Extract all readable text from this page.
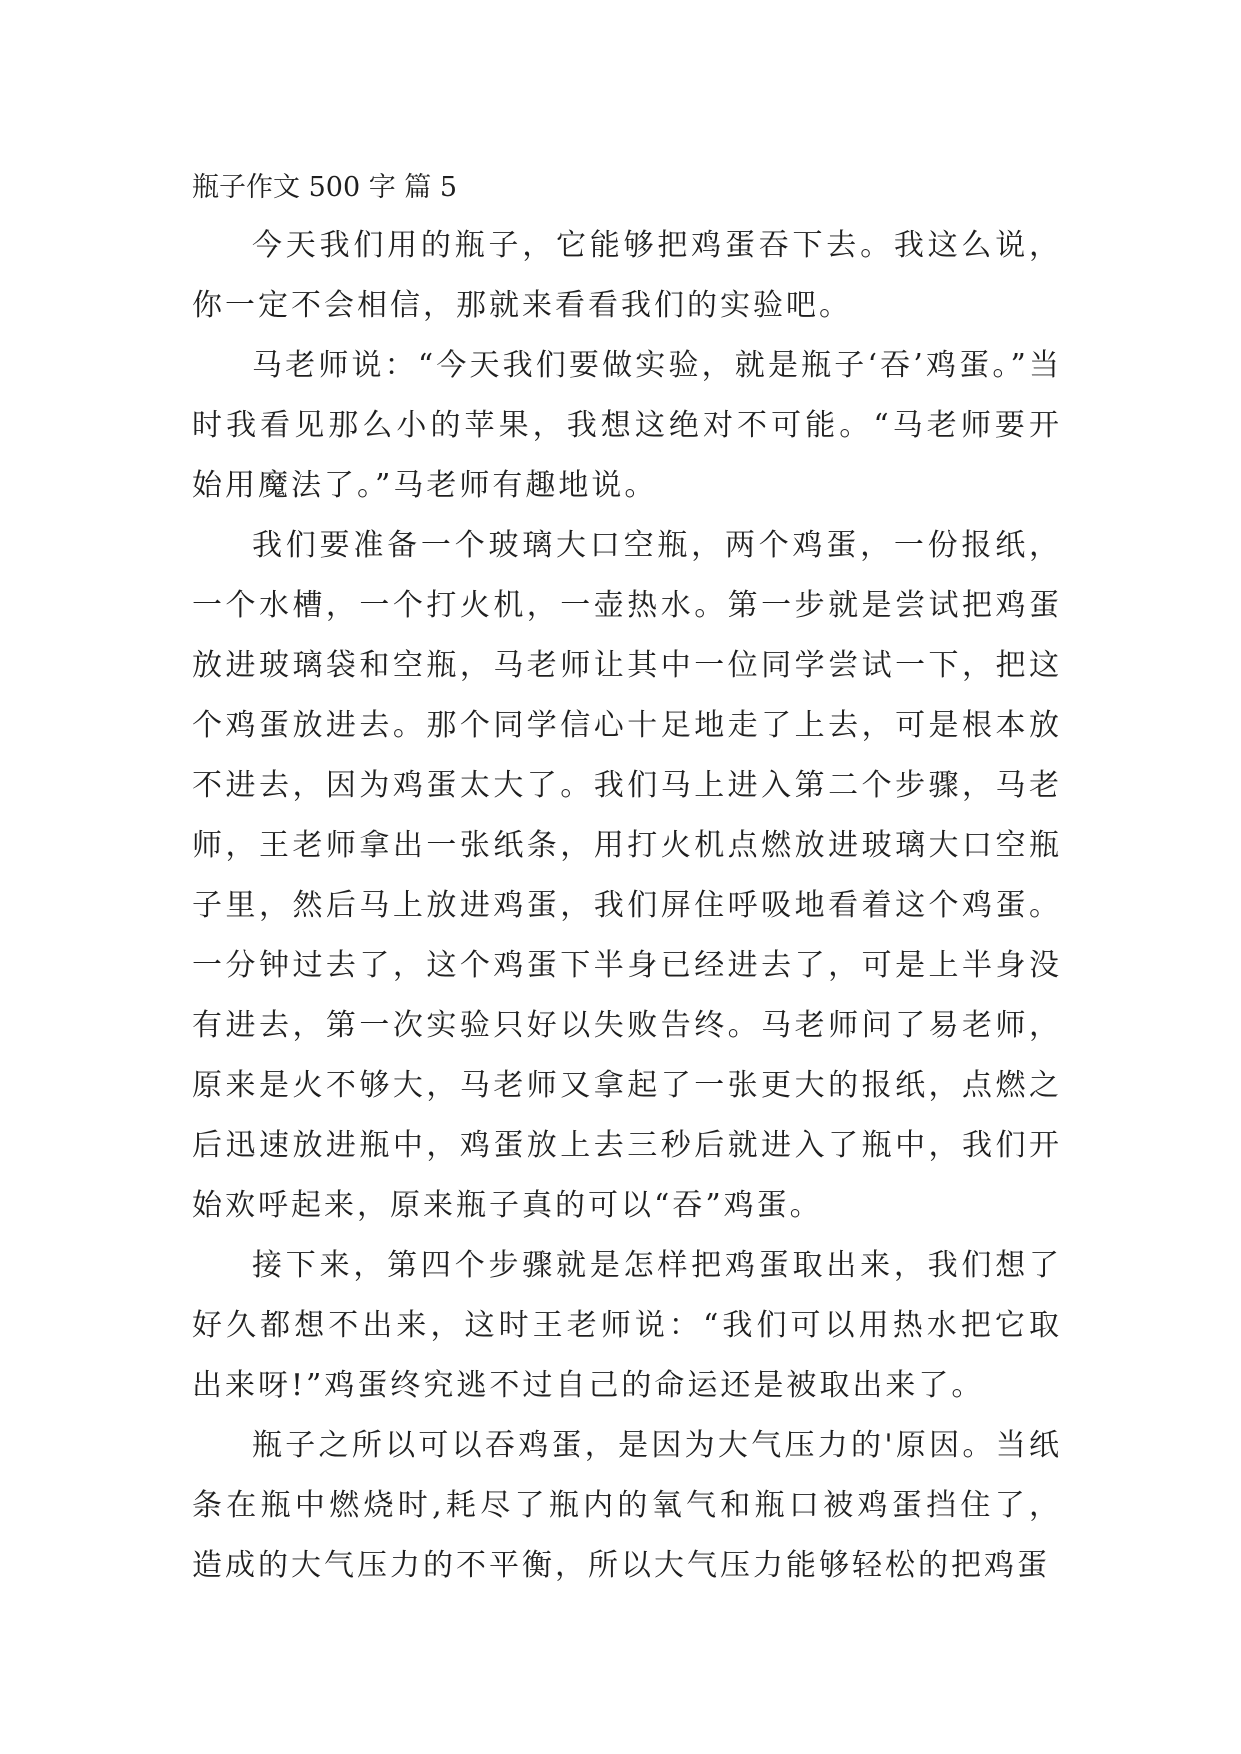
瓶子作文 500 字 篇 5

今天我们用的瓶子，它能够把鸡蛋吞下去。我这么说，你一定不会相信，那就来看看我们的实验吧。

马老师说：“今天我们要做实验，就是瓶子‘吞’鸡蛋。”当时我看见那么小的苹果，我想这绝对不可能。“马老师要开始用魔法了。”马老师有趣地说。

我们要准备一个玻璃大口空瓶，两个鸡蛋，一份报纸，一个水槽，一个打火机，一壶热水。第一步就是尝试把鸡蛋放进玻璃袋和空瓶，马老师让其中一位同学尝试一下，把这个鸡蛋放进去。那个同学信心十足地走了上去，可是根本放不进去，因为鸡蛋太大了。我们马上进入第二个步骤，马老师，王老师拿出一张纸条，用打火机点燃放进玻璃大口空瓶子里，然后马上放进鸡蛋，我们屏住呼吸地看着这个鸡蛋。一分钟过去了，这个鸡蛋下半身已经进去了，可是上半身没有进去，第一次实验只好以失败告终。马老师问了易老师，原来是火不够大，马老师又拿起了一张更大的报纸，点燃之后迅速放进瓶中，鸡蛋放上去三秒后就进入了瓶中，我们开始欢呼起来，原来瓶子真的可以“吞”鸡蛋。

接下来，第四个步骤就是怎样把鸡蛋取出来，我们想了好久都想不出来，这时王老师说：“我们可以用热水把它取出来呀!”鸡蛋终究逃不过自己的命运还是被取出来了。

瓶子之所以可以吞鸡蛋，是因为大气压力的'原因。当纸条在瓶中燃烧时,耗尽了瓶内的氧气和瓶口被鸡蛋挡住了，造成的大气压力的不平衡，所以大气压力能够轻松的把鸡蛋
